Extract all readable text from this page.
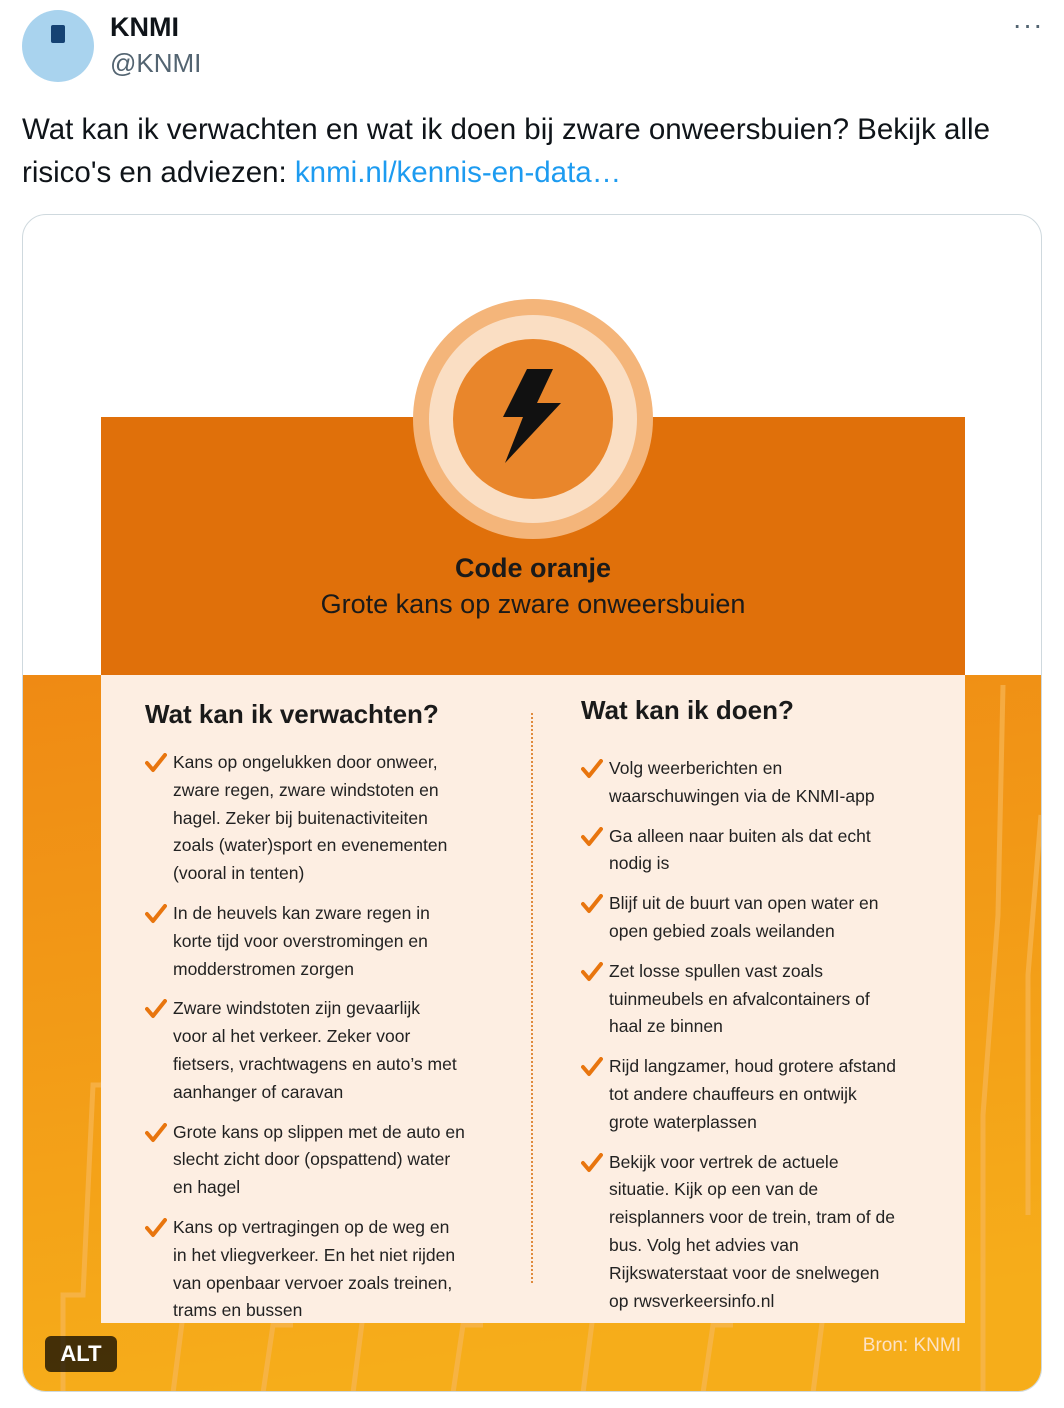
KNMI
@KNMI
···
Wat kan ik verwachten en wat ik doen bij zware onweersbuien? Bekijk alle risico's en adviezen: knmi.nl/kennis-en-data…
Code oranje
Grote kans op zware onweersbuien
Wat kan ik verwachten?
Kans op ongelukken door onweer,
zware regen, zware windstoten en
hagel. Zeker bij buitenactiviteiten
zoals (water)sport en evenementen
(vooral in tenten)
In de heuvels kan zware regen in
korte tijd voor overstromingen en
modderstromen zorgen
Zware windstoten zijn gevaarlijk
voor al het verkeer. Zeker voor
fietsers, vrachtwagens en auto’s met
aanhanger of caravan
Grote kans op slippen met de auto en
slecht zicht door (opspattend) water
en hagel
Kans op vertragingen op de weg en
in het vliegverkeer. En het niet rijden
van openbaar vervoer zoals treinen,
trams en bussen
Wat kan ik doen?
Volg weerberichten en
waarschuwingen via de KNMI-app
Ga alleen naar buiten als dat echt
nodig is
Blijf uit de buurt van open water en
open gebied zoals weilanden
Zet losse spullen vast zoals
tuinmeubels en afvalcontainers of
haal ze binnen
Rijd langzamer, houd grotere afstand
tot andere chauffeurs en ontwijk
grote waterplassen
Bekijk voor vertrek de actuele
situatie. Kijk op een van de
reisplanners voor de trein, tram of de
bus. Volg het advies van
Rijkswaterstaat voor de snelwegen
op rwsverkeersinfo.nl
Bron: KNMI
ALT
